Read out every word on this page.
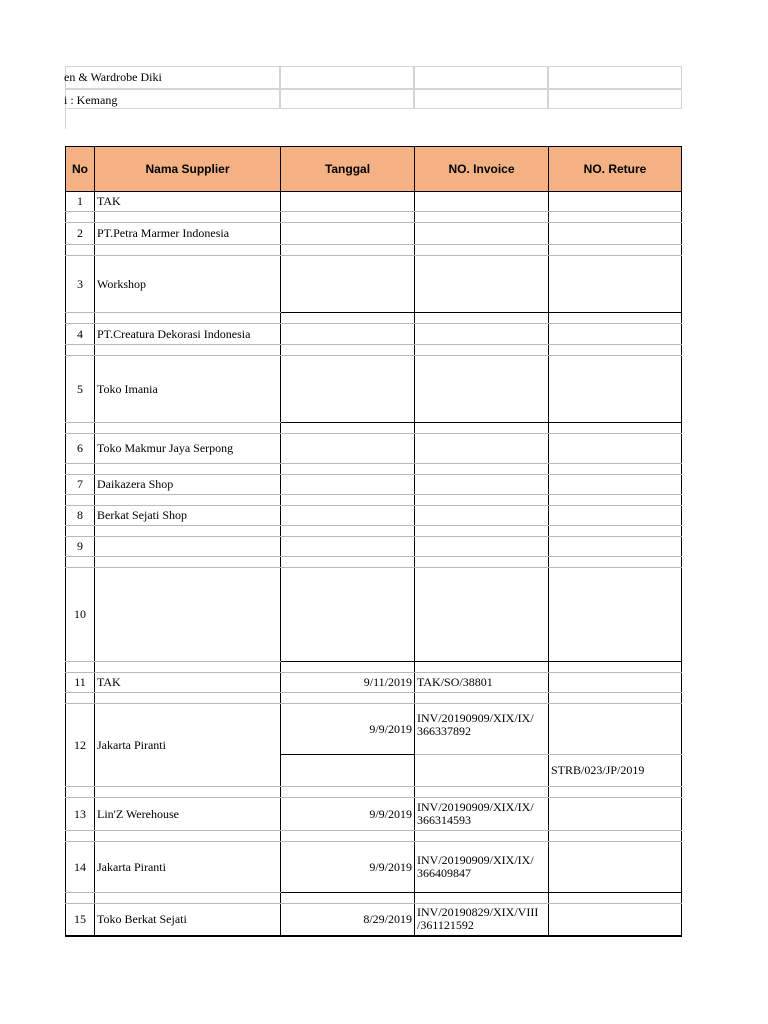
en & Wardrobe Diki
i : Kemang
No	Nama Supplier	Tanggal	NO. Invoice	NO. Reture
1	TAK			

2	PT.Petra Marmer Indonesia			

3	Workshop			

4	PT.Creatura Dekorasi Indonesia			

5	Toko Imania			

6	Toko Makmur Jaya Serpong			

7	Daikazera Shop			

8	Berkat Sejati Shop			

9				

10				

11	TAK	9/11/2019	TAK/SO/38801	

12	Jakarta Piranti	9/9/2019	INV/20190909/XIX/IX/ 366337892	
				STRB/023/JP/2019

13	Lin'Z Werehouse	9/9/2019	INV/20190909/XIX/IX/ 366314593	

14	Jakarta Piranti	9/9/2019	INV/20190909/XIX/IX/ 366409847	

15	Toko Berkat Sejati	8/29/2019	INV/20190829/XIX/VIII /361121592	
